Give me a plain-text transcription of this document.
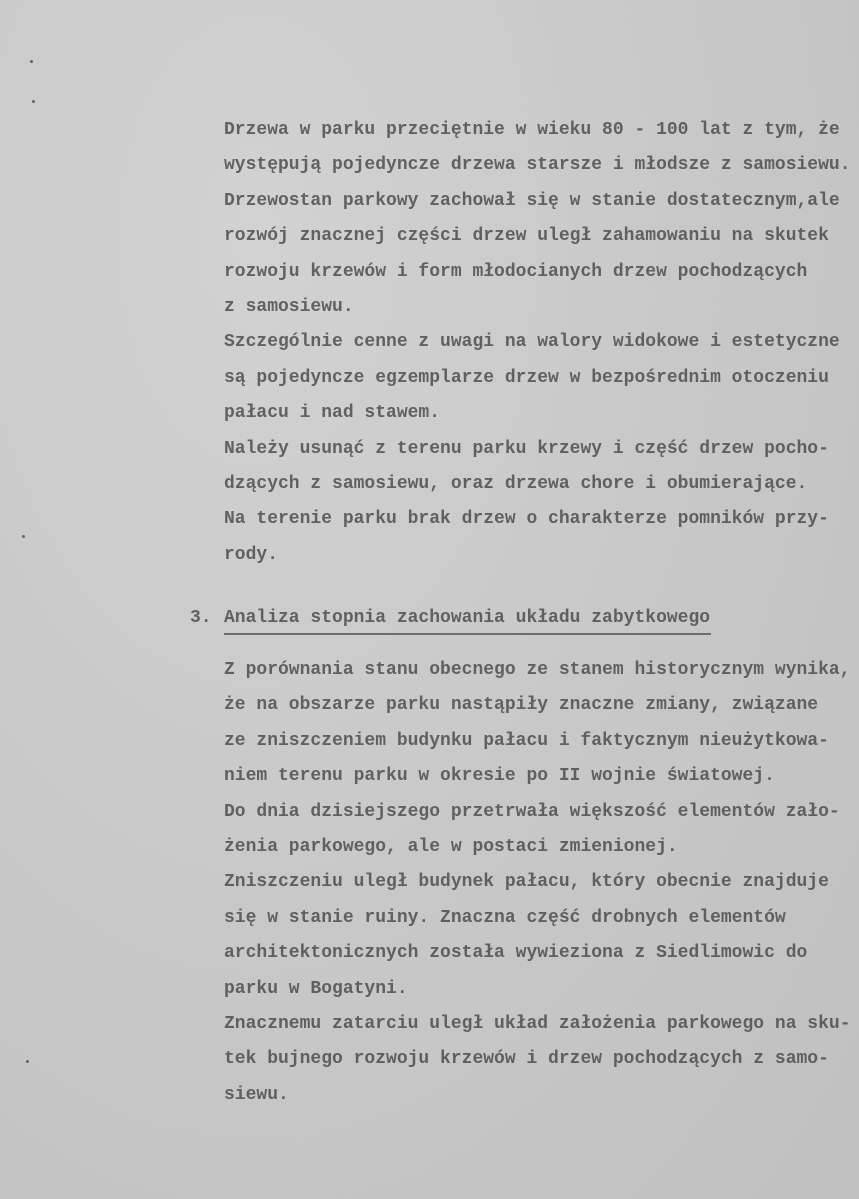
Drzewa w parku przeciętnie w wieku 80 - 100 lat z tym, że
występują pojedyncze drzewa starsze i młodsze z samosiewu.
Drzewostan parkowy zachował się w stanie dostatecznym,ale
rozwój znacznej części drzew uległ zahamowaniu na skutek
rozwoju krzewów i form młodocianych drzew pochodzących
z samosiewu.
Szczególnie cenne z uwagi na walory widokowe i estetyczne
są pojedyncze egzemplarze drzew w bezpośrednim otoczeniu
pałacu i nad stawem.
Należy usunąć z terenu parku krzewy i część drzew pocho-
dzących z samosiewu, oraz drzewa chore i obumierające.
Na terenie parku brak drzew o charakterze pomników przy-
rody.
3. Analiza stopnia zachowania układu zabytkowego
Z porównania stanu obecnego ze stanem historycznym wynika,
że na obszarze parku nastąpiły znaczne zmiany, związane
ze zniszczeniem budynku pałacu i faktycznym nieużytkowa-
niem terenu parku w okresie po II wojnie światowej.
Do dnia dzisiejszego przetrwała większość elementów zało-
żenia parkowego, ale w postaci zmienionej.
Zniszczeniu uległ budynek pałacu, który obecnie znajduje
się w stanie ruiny. Znaczna część drobnych elementów
architektonicznych została wywieziona z Siedlimowic do
parku w Bogatyni.
Znacznemu zatarciu uległ układ założenia parkowego na sku-
tek bujnego rozwoju krzewów i drzew pochodzących z samo-
siewu.
